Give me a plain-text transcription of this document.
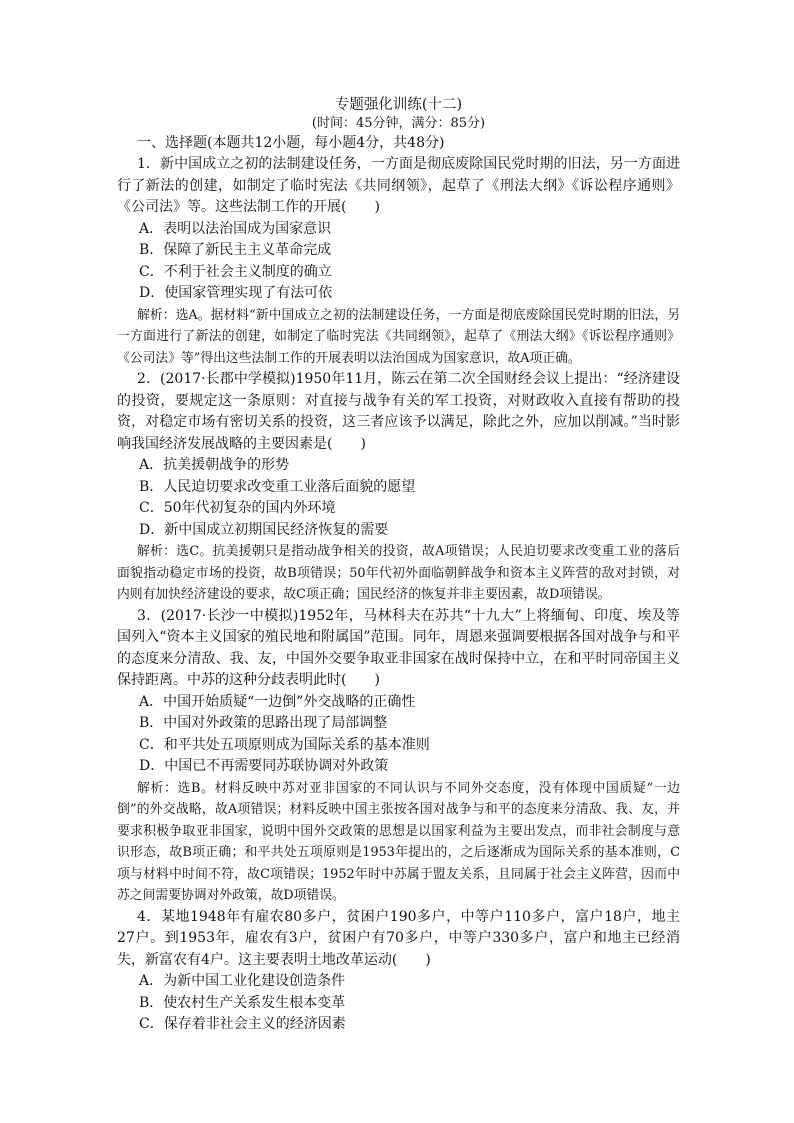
专题强化训练(十二)

(时间：45分钟，满分：85分)

一、选择题(本题共12小题，每小题4分，共48分)

1．新中国成立之初的法制建设任务，一方面是彻底废除国民党时期的旧法，另一方面进行了新法的创建，如制定了临时宪法《共同纲领》，起草了《刑法大纲》《诉讼程序通则》《公司法》等。这些法制工作的开展(　　)

A．表明以法治国成为国家意识

B．保障了新民主主义革命完成

C．不利于社会主义制度的确立

D．使国家管理实现了有法可依

解析：选A。据材料“新中国成立之初的法制建设任务，一方面是彻底废除国民党时期的旧法，另一方面进行了新法的创建，如制定了临时宪法《共同纲领》，起草了《刑法大纲》《诉讼程序通则》《公司法》等”得出这些法制工作的开展表明以法治国成为国家意识，故A项正确。

2．(2017·长郡中学模拟)1950年11月，陈云在第二次全国财经会议上提出：“经济建设的投资，要规定这一条原则：对直接与战争有关的军工投资，对财政收入直接有帮助的投资，对稳定市场有密切关系的投资，这三者应该予以满足，除此之外，应加以削减。”当时影响我国经济发展战略的主要因素是(　　)

A．抗美援朝战争的形势

B．人民迫切要求改变重工业落后面貌的愿望

C．50年代初复杂的国内外环境

D．新中国成立初期国民经济恢复的需要

解析：选C。抗美援朝只是指动战争相关的投资，故A项错误；人民迫切要求改变重工业的落后面貌指动稳定市场的投资，故B项错误；50年代初外面临朝鲜战争和资本主义阵营的敌对封锁，对内则有加快经济建设的要求，故C项正确；国民经济的恢复并非主要因素，故D项错误。

3．(2017·长沙一中模拟)1952年，马林科夫在苏共“十九大”上将缅甸、印度、埃及等国列入“资本主义国家的殖民地和附属国”范围。同年，周恩来强调要根据各国对战争与和平的态度来分清敌、我、友，中国外交要争取亚非国家在战时保持中立，在和平时同帝国主义保持距离。中苏的这种分歧表明此时(　　)

A．中国开始质疑“一边倒”外交战略的正确性

B．中国对外政策的思路出现了局部调整

C．和平共处五项原则成为国际关系的基本准则

D．中国已不再需要同苏联协调对外政策

解析：选B。材料反映中苏对亚非国家的不同认识与不同外交态度，没有体现中国质疑“一边倒”的外交战略，故A项错误；材料反映中国主张按各国对战争与和平的态度来分清敌、我、友，并要求积极争取亚非国家，说明中国外交政策的思想是以国家利益为主要出发点，而非社会制度与意识形态，故B项正确；和平共处五项原则是1953年提出的，之后逐渐成为国际关系的基本准则，C项与材料中时间不符，故C项错误；1952年时中苏属于盟友关系，且同属于社会主义阵营，因而中苏之间需要协调对外政策，故D项错误。

4．某地1948年有雇农80多户，贫困户190多户，中等户110多户，富户18户，地主27户。到1953年，雇农有3户，贫困户有70多户，中等户330多户，富户和地主已经消失，新富农有4户。这主要表明土地改革运动(　　)

A．为新中国工业化建设创造条件

B．使农村生产关系发生根本变革

C．保存着非社会主义的经济因素
